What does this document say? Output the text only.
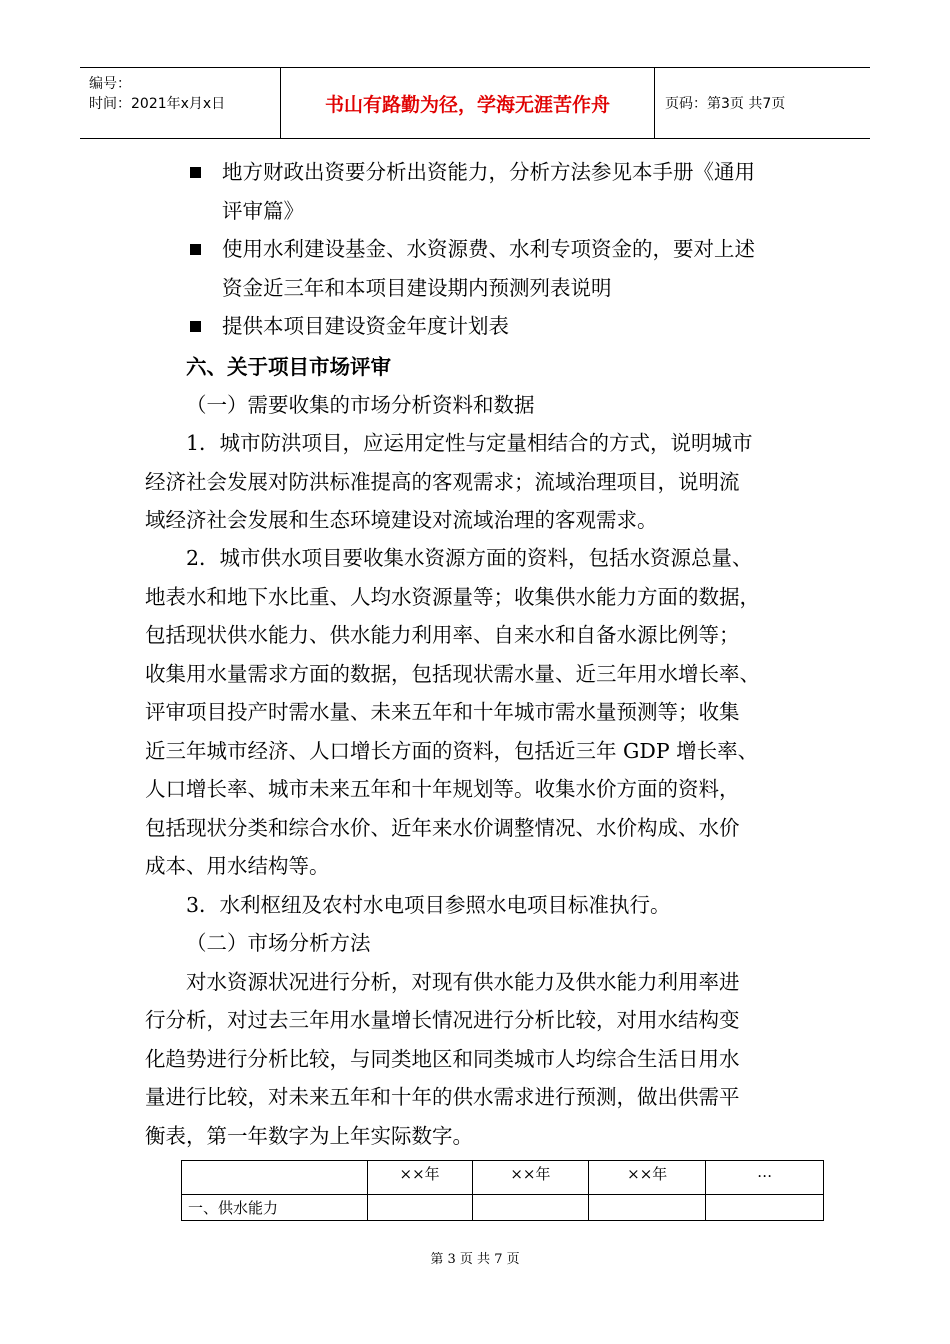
编号：
时间：2021年x月x日	书山有路勤为径，学海无涯苦作舟	页码：第3页 共7页
地方财政出资要分析出资能力，分析方法参见本手册《通用
评审篇》
使用水利建设基金、水资源费、水利专项资金的，要对上述
资金近三年和本项目建设期内预测列表说明
提供本项目建设资金年度计划表
六、关于项目市场评审
（一）需要收集的市场分析资料和数据
1．城市防洪项目，应运用定性与定量相结合的方式，说明城市
经济社会发展对防洪标准提高的客观需求；流域治理项目，说明流
域经济社会发展和生态环境建设对流域治理的客观需求。
2．城市供水项目要收集水资源方面的资料，包括水资源总量、
地表水和地下水比重、人均水资源量等；收集供水能力方面的数据，
包括现状供水能力、供水能力利用率、自来水和自备水源比例等；
收集用水量需求方面的数据，包括现状需水量、近三年用水增长率、
评审项目投产时需水量、未来五年和十年城市需水量预测等；收集
近三年城市经济、人口增长方面的资料，包括近三年 GDP 增长率、
人口增长率、城市未来五年和十年规划等。收集水价方面的资料，
包括现状分类和综合水价、近年来水价调整情况、水价构成、水价
成本、用水结构等。
3．水利枢纽及农村水电项目参照水电项目标准执行。
（二）市场分析方法
对水资源状况进行分析，对现有供水能力及供水能力利用率进
行分析，对过去三年用水量增长情况进行分析比较，对用水结构变
化趋势进行分析比较，与同类地区和同类城市人均综合生活日用水
量进行比较，对未来五年和十年的供水需求进行预测，做出供需平
衡表，第一年数字为上年实际数字。

	××年	××年	××年	…

一、供水能力				

第 3 页 共 7 页
